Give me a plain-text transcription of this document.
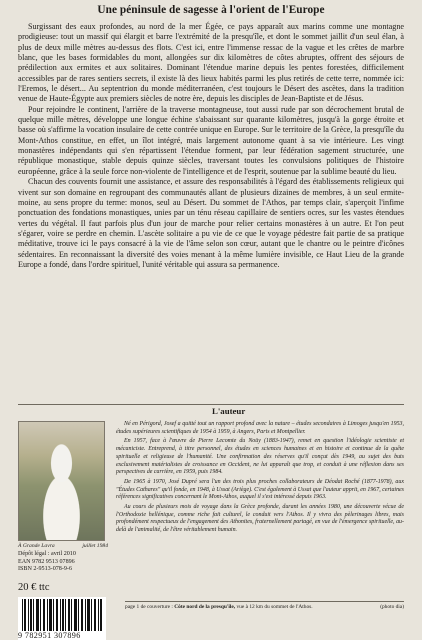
Une péninsule de sagesse à l'orient de l'Europe

Surgissant des eaux profondes, au nord de la mer Égée, ce pays apparaît aux marins comme une montagne prodigieuse: tout un massif qui élargit et barre l'extrémité de la presqu'île, et dont le sommet jaillit d'un seul élan, à plus de deux mille mètres au-dessus des flots. C'est ici, entre l'immense ressac de la vague et les crêtes de marbre blanc, que les bases formidables du mont, allongées sur dix kilomètres de côtes abruptes, offrent des séjours de prédilection aux ermites et aux solitaires. Dominant l'étendue marine depuis les pentes forestées, difficilement accessibles par de rares sentiers secrets, il existe là des lieux habités parmi les plus retirés de cette terre, nommée ici: l'Eremos, le désert... Au septentrion du monde méditerranéen, c'est toujours le Désert des ascètes, dans la tradition venue de Haute-Égypte aux premiers siècles de notre ère, depuis les disciples de Jean-Baptiste et de Jésus.

Pour rejoindre le continent, l'arrière de la traverse montagneuse, tout aussi rude par son décrochement brutal de quelque mille mètres, développe une longue échine s'abaissant sur quarante kilomètres, jusqu'à la gorge étroite et basse où s'affirme la vocation insulaire de cette contrée unique en Europe. Sur le territoire de la Grèce, la presqu'île du Mont-Athos constitue, en effet, un îlot intégré, mais largement autonome quant à sa vie intérieure. Les vingt monastères indépendants qui s'en répartissent l'étendue forment, par leur fédération sagement structurée, une république monastique, stable depuis quinze siècles, traversant toutes les convulsions politiques de l'histoire européenne, grâce à la seule force non-violente de l'intelligence et de l'esprit, soutenue par la sublime beauté du lieu.

Chacun des couvents fournit une assistance, et assure des responsabilités à l'égard des établissements religieux qui vivent sur son domaine en regroupant des communautés allant de plusieurs dizaines de membres, à un seul ermite-moine, au sens propre du terme: monos, seul au Désert. Du sommet de l'Athos, par temps clair, s'aperçoit l'infime ponctuation des fondations monastiques, unies par un ténu réseau capillaire de sentiers ocres, sur les vastes étendues vertes du végétal. Il faut parfois plus d'un jour de marche pour relier certains monastères à un autre. Et l'on peut s'égarer, voire se perdre en chemin. L'ascète solitaire a pu vie de ce que le voyage pédestre fait partie de sa pratique méditative, trouve ici le pays consacré à la vie de l'âme selon son cœur, autant que le chantre ou le peintre d'icônes sédentaires. En reconnaissant la diversité des voies menant à la même lumière invisible, ce Haut Lieu de la grande Europe a fondé, dans l'ordre spirituel, l'unité véritable qui assura sa permanence.

L'auteur
À Grande Lavra	juillet 1984
Dépôt légal : avril 2010
EAN 9782 9513 07896
ISBN 2-9513-078-9-6
20 € ttc
9 782951 307896

Né en Périgord, Josef a quitté tout un rapport profond avec la nature – études secondaires à Limoges jusqu'en 1953, études supérieures scientifiques de 1954 à 1959, à Angers, Paris et Montpellier.

En 1957, face à l'œuvre de Pierre Lecomte du Noüy (1883-1947), remet en question l'idéologie scientiste et mécaniciste. Entreprend, à titre personnel, des études en sciences humaines et en histoire et continue de la quête spirituelle et religieuse de l'humanité. Une confirmation des réserves qu'il conçut dès 1949, au sujet des buts exclusivement matérialistes de croissance en Occident, ne lui apparaît que trop, et conduit à une réflexion dans ses perspectives de carrière, en 1959, puis 1984.

De 1965 à 1970, José Dupré sera l'un des trois plus proches collaborateurs de Déodat Roché (1877-1978), aux "Études Cathares" qu'il fonde, en 1948, à Ussat (Ariège). C'est également à Ussat que l'auteur apprit, en 1967, certaines références significatives concernant le Mont-Athos, auquel il s'est intéressé depuis 1963.

Au cours de plusieurs mois de voyage dans la Grèce profonde, durant les années 1980, une découverte vécue de l'Orthodoxie hellénique, comme riche fait culturel, le conduit vers l'Athos. Il y vivra des pèlerinages libres, mais profondément respectueux de l'engagement des Athonites, fraternellement partagé, en vue de l'émergence spirituelle, au-delà de l'animalité, de l'être véritablement humain.

page 1 de couverture : Côte nord de la presqu'île, vue à 12 km du sommet de l'Athos.	(photo dia)
